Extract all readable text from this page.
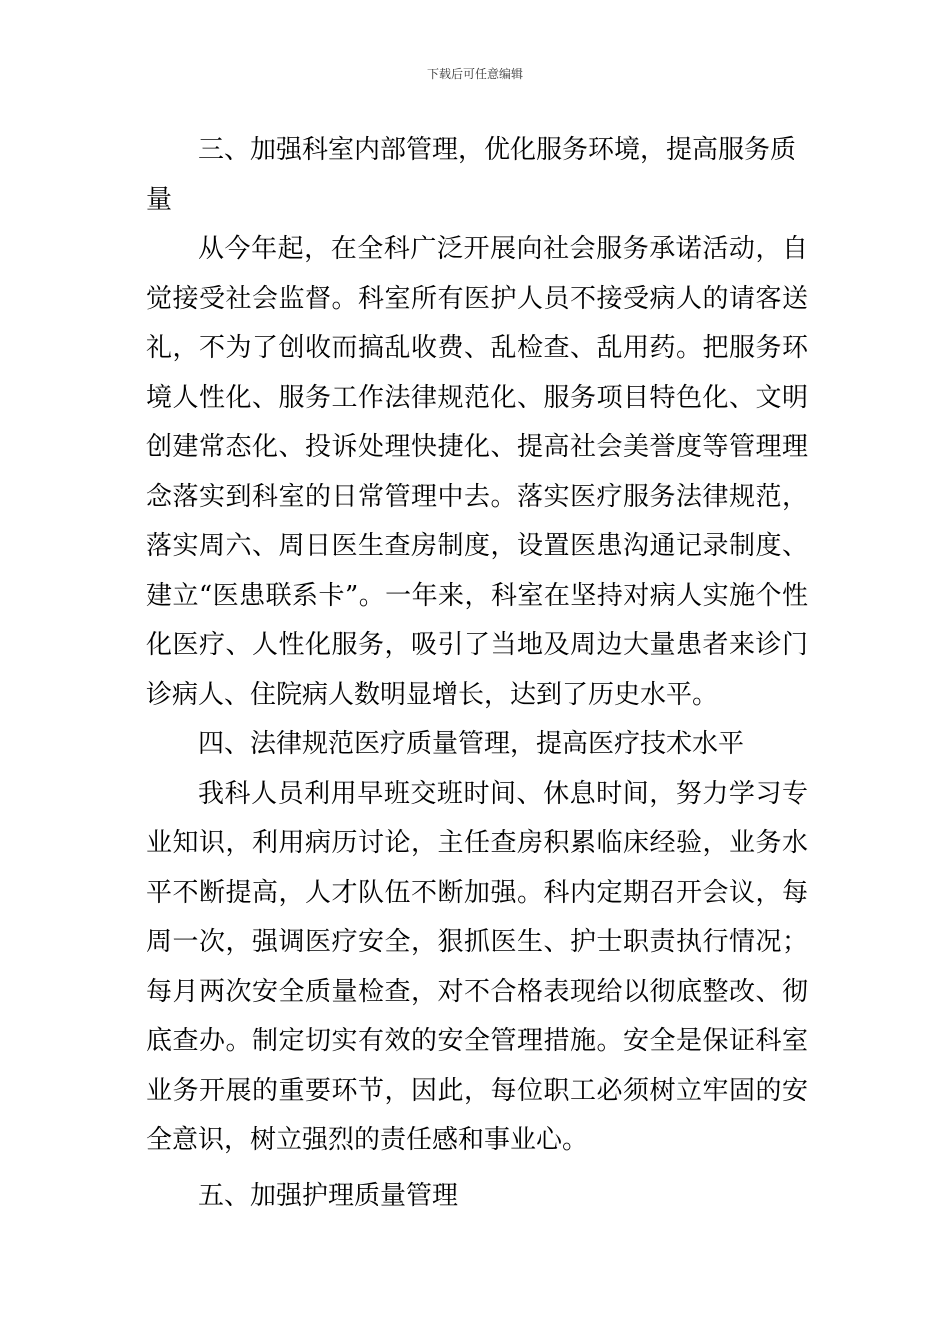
下载后可任意编辑

三、加强科室内部管理，优化服务环境，提高服务质量

从今年起，在全科广泛开展向社会服务承诺活动，自觉接受社会监督。科室所有医护人员不接受病人的请客送礼，不为了创收而搞乱收费、乱检查、乱用药。把服务环境人性化、服务工作法律规范化、服务项目特色化、文明创建常态化、投诉处理快捷化、提高社会美誉度等管理理念落实到科室的日常管理中去。落实医疗服务法律规范，落实周六、周日医生查房制度，设置医患沟通记录制度、建立“医患联系卡”。一年来，科室在坚持对病人实施个性化医疗、人性化服务，吸引了当地及周边大量患者来诊门诊病人、住院病人数明显增长，达到了历史水平。

四、法律规范医疗质量管理，提高医疗技术水平

我科人员利用早班交班时间、休息时间，努力学习专业知识，利用病历讨论，主任查房积累临床经验，业务水平不断提高，人才队伍不断加强。科内定期召开会议，每周一次，强调医疗安全，狠抓医生、护士职责执行情况；每月两次安全质量检查，对不合格表现给以彻底整改、彻底查办。制定切实有效的安全管理措施。安全是保证科室业务开展的重要环节，因此，每位职工必须树立牢固的安全意识，树立强烈的责任感和事业心。

五、加强护理质量管理
